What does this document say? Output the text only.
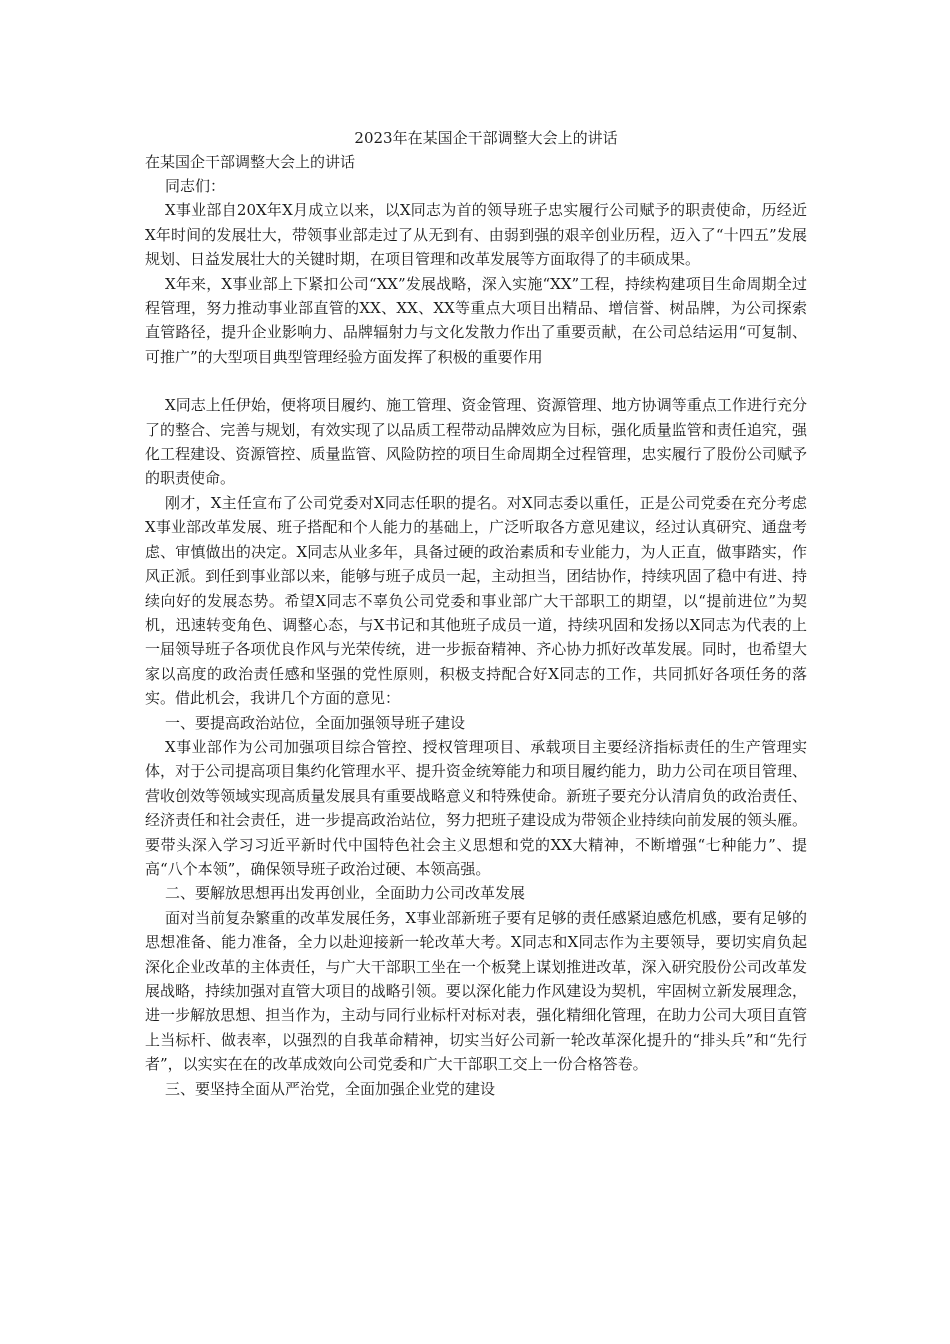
2023年在某国企干部调整大会上的讲话

在某国企干部调整大会上的讲话

同志们：

X事业部自20X年X月成立以来，以X同志为首的领导班子忠实履行公司赋予的职责使命，历经近X年时间的发展壮大，带领事业部走过了从无到有、由弱到强的艰辛创业历程，迈入了“十四五”发展规划、日益发展壮大的关键时期，在项目管理和改革发展等方面取得了的丰硕成果。

X年来，X事业部上下紧扣公司“XX”发展战略，深入实施“XX”工程，持续构建项目生命周期全过程管理，努力推动事业部直管的XX、XX、XX等重点大项目出精品、增信誉、树品牌，为公司探索直管路径，提升企业影响力、品牌辐射力与文化发散力作出了重要贡献，在公司总结运用“可复制、可推广”的大型项目典型管理经验方面发挥了积极的重要作用

X同志上任伊始，便将项目履约、施工管理、资金管理、资源管理、地方协调等重点工作进行充分了的整合、完善与规划，有效实现了以品质工程带动品牌效应为目标，强化质量监管和责任追究，强化工程建设、资源管控、质量监管、风险防控的项目生命周期全过程管理，忠实履行了股份公司赋予的职责使命。

刚才，X主任宣布了公司党委对X同志任职的提名。对X同志委以重任，正是公司党委在充分考虑X事业部改革发展、班子搭配和个人能力的基础上，广泛听取各方意见建议，经过认真研究、通盘考虑、审慎做出的决定。X同志从业多年，具备过硬的政治素质和专业能力，为人正直，做事踏实，作风正派。到任到事业部以来，能够与班子成员一起，主动担当，团结协作，持续巩固了稳中有进、持续向好的发展态势。希望X同志不辜负公司党委和事业部广大干部职工的期望，以“提前进位”为契机，迅速转变角色、调整心态，与X书记和其他班子成员一道，持续巩固和发扬以X同志为代表的上一届领导班子各项优良作风与光荣传统，进一步振奋精神、齐心协力抓好改革发展。同时，也希望大家以高度的政治责任感和坚强的党性原则，积极支持配合好X同志的工作，共同抓好各项任务的落实。借此机会，我讲几个方面的意见：

一、要提高政治站位，全面加强领导班子建设

X事业部作为公司加强项目综合管控、授权管理项目、承载项目主要经济指标责任的生产管理实体，对于公司提高项目集约化管理水平、提升资金统筹能力和项目履约能力，助力公司在项目管理、营收创效等领域实现高质量发展具有重要战略意义和特殊使命。新班子要充分认清肩负的政治责任、经济责任和社会责任，进一步提高政治站位，努力把班子建设成为带领企业持续向前发展的领头雁。要带头深入学习习近平新时代中国特色社会主义思想和党的XX大精神，不断增强“七种能力”、提高“八个本领”，确保领导班子政治过硬、本领高强。

二、要解放思想再出发再创业，全面助力公司改革发展

面对当前复杂繁重的改革发展任务，X事业部新班子要有足够的责任感紧迫感危机感，要有足够的思想准备、能力准备，全力以赴迎接新一轮改革大考。X同志和X同志作为主要领导，要切实肩负起深化企业改革的主体责任，与广大干部职工坐在一个板凳上谋划推进改革，深入研究股份公司改革发展战略，持续加强对直管大项目的战略引领。要以深化能力作风建设为契机，牢固树立新发展理念，进一步解放思想、担当作为，主动与同行业标杆对标对表，强化精细化管理，在助力公司大项目直管上当标杆、做表率，以强烈的自我革命精神，切实当好公司新一轮改革深化提升的“排头兵”和“先行者”，以实实在在的改革成效向公司党委和广大干部职工交上一份合格答卷。

三、要坚持全面从严治党，全面加强企业党的建设
